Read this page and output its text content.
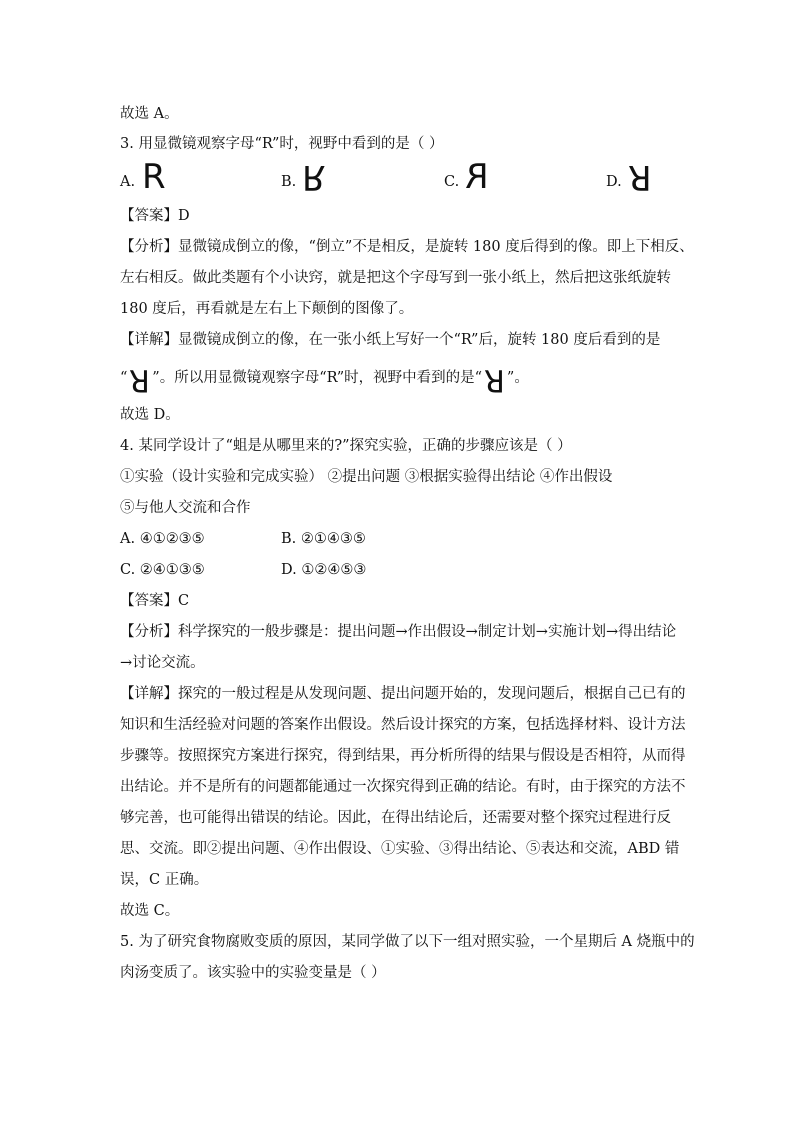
故选 A。
3. 用显微镜观察字母“R”时，视野中看到的是（ ）
A. R	B. R	C. R	D. R
【答案】D
【分析】显微镜成倒立的像，“倒立”不是相反，是旋转 180 度后得到的像。即上下相反、
左右相反。做此类题有个小诀窍，就是把这个字母写到一张小纸上，然后把这张纸旋转
180 度后，再看就是左右上下颠倒的图像了。
【详解】显微镜成倒立的像，在一张小纸上写好一个“R”后，旋转 180 度后看到的是
“R ”。所以用显微镜观察字母“R”时，视野中看到的是“R ”。
故选 D。
4. 某同学设计了“蛆是从哪里来的?”探究实验，正确的步骤应该是（ ）
①实验（设计实验和完成实验） ②提出问题 ③根据实验得出结论 ④作出假设
⑤与他人交流和合作
A. ④①②③⑤	B. ②①④③⑤
C. ②④①③⑤	D. ①②④⑤③
【答案】C
【分析】科学探究的一般步骤是：提出问题→作出假设→制定计划→实施计划→得出结论
→讨论交流。
【详解】探究的一般过程是从发现问题、提出问题开始的，发现问题后，根据自己已有的
知识和生活经验对问题的答案作出假设。然后设计探究的方案，包括选择材料、设计方法
步骤等。按照探究方案进行探究，得到结果，再分析所得的结果与假设是否相符，从而得
出结论。并不是所有的问题都能通过一次探究得到正确的结论。有时，由于探究的方法不
够完善，也可能得出错误的结论。因此，在得出结论后，还需要对整个探究过程进行反
思、交流。即②提出问题、④作出假设、①实验、③得出结论、⑤表达和交流，ABD 错
误，C 正确。
故选 C。
5. 为了研究食物腐败变质的原因，某同学做了以下一组对照实验，一个星期后 A 烧瓶中的
肉汤变质了。该实验中的实验变量是（ ）
